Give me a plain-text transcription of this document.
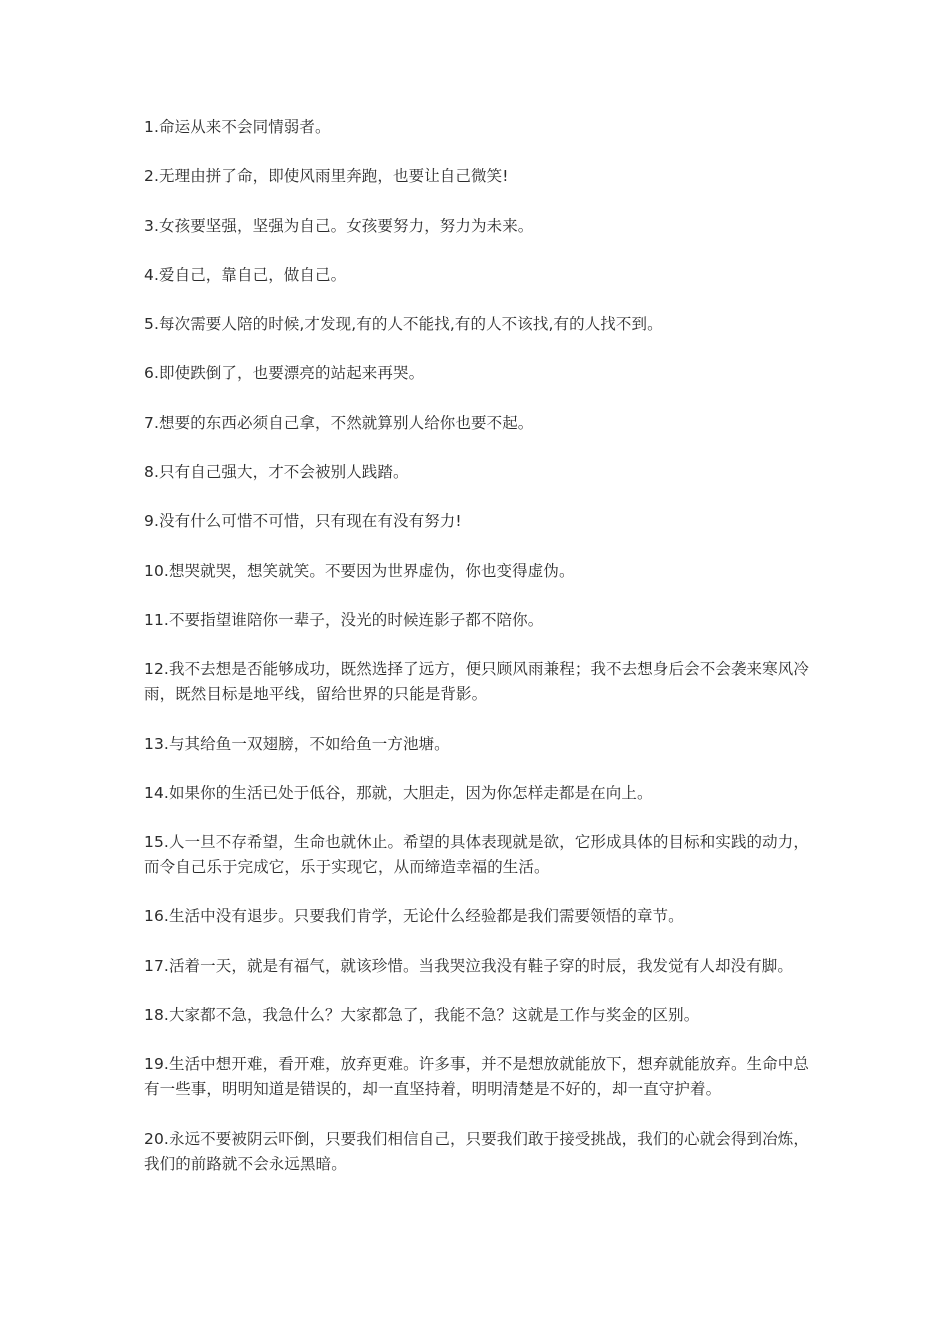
1.命运从来不会同情弱者。

2.无理由拼了命，即使风雨里奔跑，也要让自己微笑!

3.女孩要坚强，坚强为自己。女孩要努力，努力为未来。

4.爱自己，靠自己，做自己。

5.每次需要人陪的时候,才发现,有的人不能找,有的人不该找,有的人找不到。

6.即使跌倒了，也要漂亮的站起来再哭。

7.想要的东西必须自己拿，不然就算别人给你也要不起。

8.只有自己强大，才不会被别人践踏。

9.没有什么可惜不可惜，只有现在有没有努力!

10.想哭就哭，想笑就笑。不要因为世界虚伪，你也变得虚伪。

11.不要指望谁陪你一辈子，没光的时候连影子都不陪你。

12.我不去想是否能够成功，既然选择了远方，便只顾风雨兼程；我不去想身后会不会袭来寒风冷雨，既然目标是地平线，留给世界的只能是背影。

13.与其给鱼一双翅膀，不如给鱼一方池塘。

14.如果你的生活已处于低谷，那就，大胆走，因为你怎样走都是在向上。

15.人一旦不存希望，生命也就休止。希望的具体表现就是欲，它形成具体的目标和实践的动力，而令自己乐于完成它，乐于实现它，从而缔造幸福的生活。

16.生活中没有退步。只要我们肯学，无论什么经验都是我们需要领悟的章节。

17.活着一天，就是有福气，就该珍惜。当我哭泣我没有鞋子穿的时辰，我发觉有人却没有脚。

18.大家都不急，我急什么？大家都急了，我能不急？这就是工作与奖金的区别。

19.生活中想开难，看开难，放弃更难。许多事，并不是想放就能放下，想弃就能放弃。生命中总有一些事，明明知道是错误的，却一直坚持着，明明清楚是不好的，却一直守护着。

20.永远不要被阴云吓倒，只要我们相信自己，只要我们敢于接受挑战，我们的心就会得到冶炼，我们的前路就不会永远黑暗。
